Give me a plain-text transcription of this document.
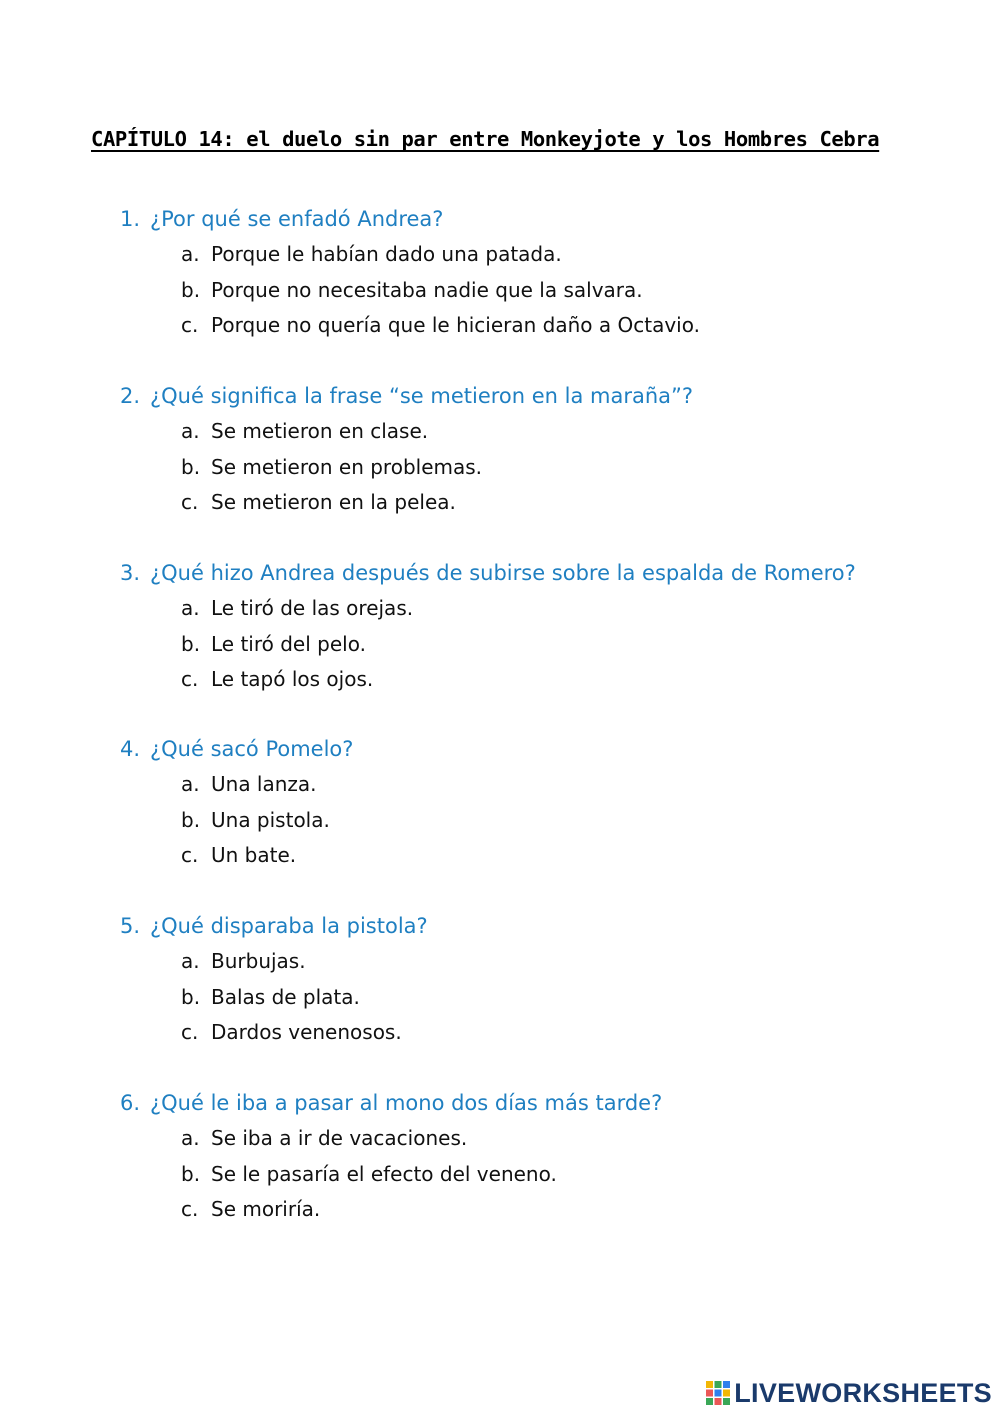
CAPÍTULO 14: el duelo sin par entre Monkeyjote y los Hombres Cebra
1. ¿Por qué se enfadó Andrea?
a. Porque le habían dado una patada.
b. Porque no necesitaba nadie que la salvara.
c. Porque no quería que le hicieran daño a Octavio.
2. ¿Qué significa la frase “se metieron en la maraña”?
a. Se metieron en clase.
b. Se metieron en problemas.
c. Se metieron en la pelea.
3. ¿Qué hizo Andrea después de subirse sobre la espalda de Romero?
a. Le tiró de las orejas.
b. Le tiró del pelo.
c. Le tapó los ojos.
4. ¿Qué sacó Pomelo?
a. Una lanza.
b. Una pistola.
c. Un bate.
5. ¿Qué disparaba la pistola?
a. Burbujas.
b. Balas de plata.
c. Dardos venenosos.
6. ¿Qué le iba a pasar al mono dos días más tarde?
a. Se iba a ir de vacaciones.
b. Se le pasaría el efecto del veneno.
c. Se moriría.
LIVEWORKSHEETS
